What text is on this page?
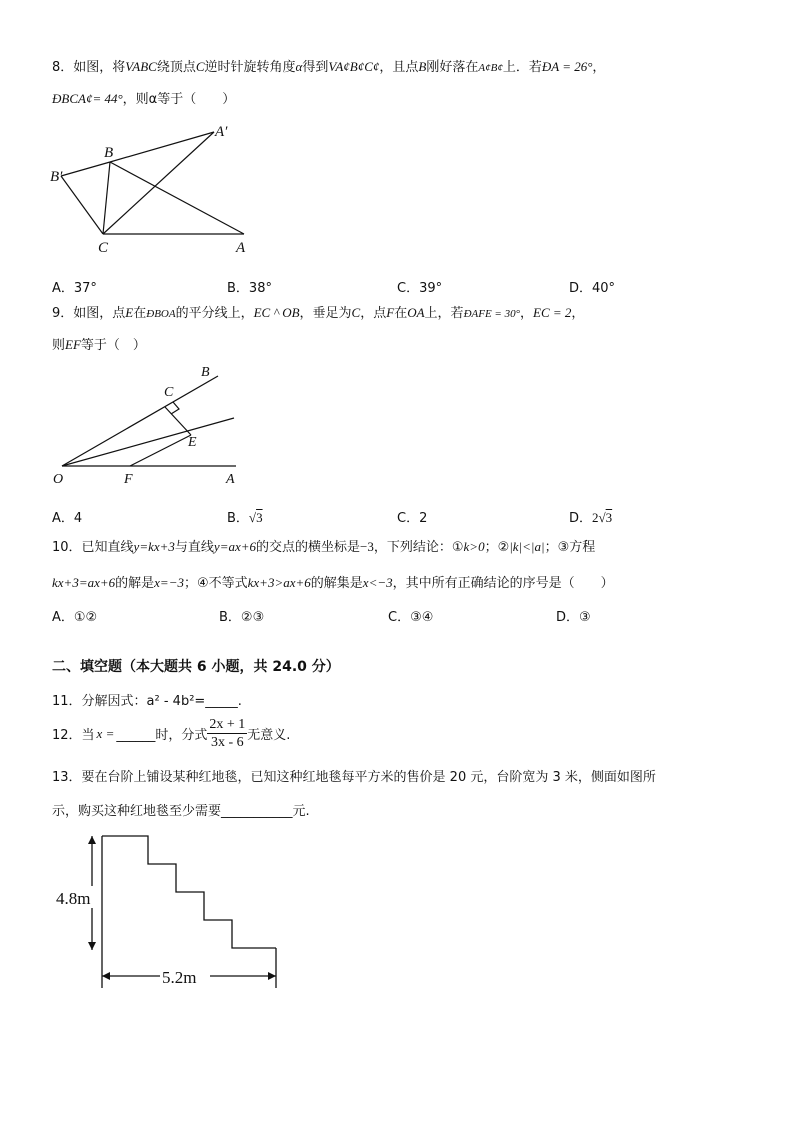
8．如图，将VABC绕顶点C逆时针旋转角度α得到VA¢B¢C¢，且点B刚好落在A¢B¢上．若ÐA = 26°，
ÐBCA¢= 44°，则α等于（　　）
B′
B
A′
C	A
A．37°	B．38°	C．39°	D．40°
9．如图，点E在ÐBOA的平分线上，EC ^ OB，垂足为C，点F在OA上，若ÐAFE = 30°，EC = 2，
则EF等于（　）
B
C
E
O	F	A
A．4	B．√3	C．2	D．2√3
10．已知直线y=kx+3与直线y=ax+6的交点的横坐标是−3，下列结论：①k>0；②|k|<|a|；③方程
kx+3=ax+6的解是x=−3；④不等式kx+3>ax+6的解集是x<−3，其中所有正确结论的序号是（　　）
A．①②	B．②③	C．③④	D．③
二、填空题（本大题共 6 小题，共 24.0 分）
11．分解因式：a² - 4b²=_____.
12．当 x = ______时，分式 $\frac{2x + 1}{3x - 6}$ 无意义.
13．要在台阶上铺设某种红地毯，已知这种红地毯每平方米的售价是 20 元，台阶宽为 3 米，侧面如图所
示，购买这种红地毯至少需要___________元.
4.8m
5.2m
